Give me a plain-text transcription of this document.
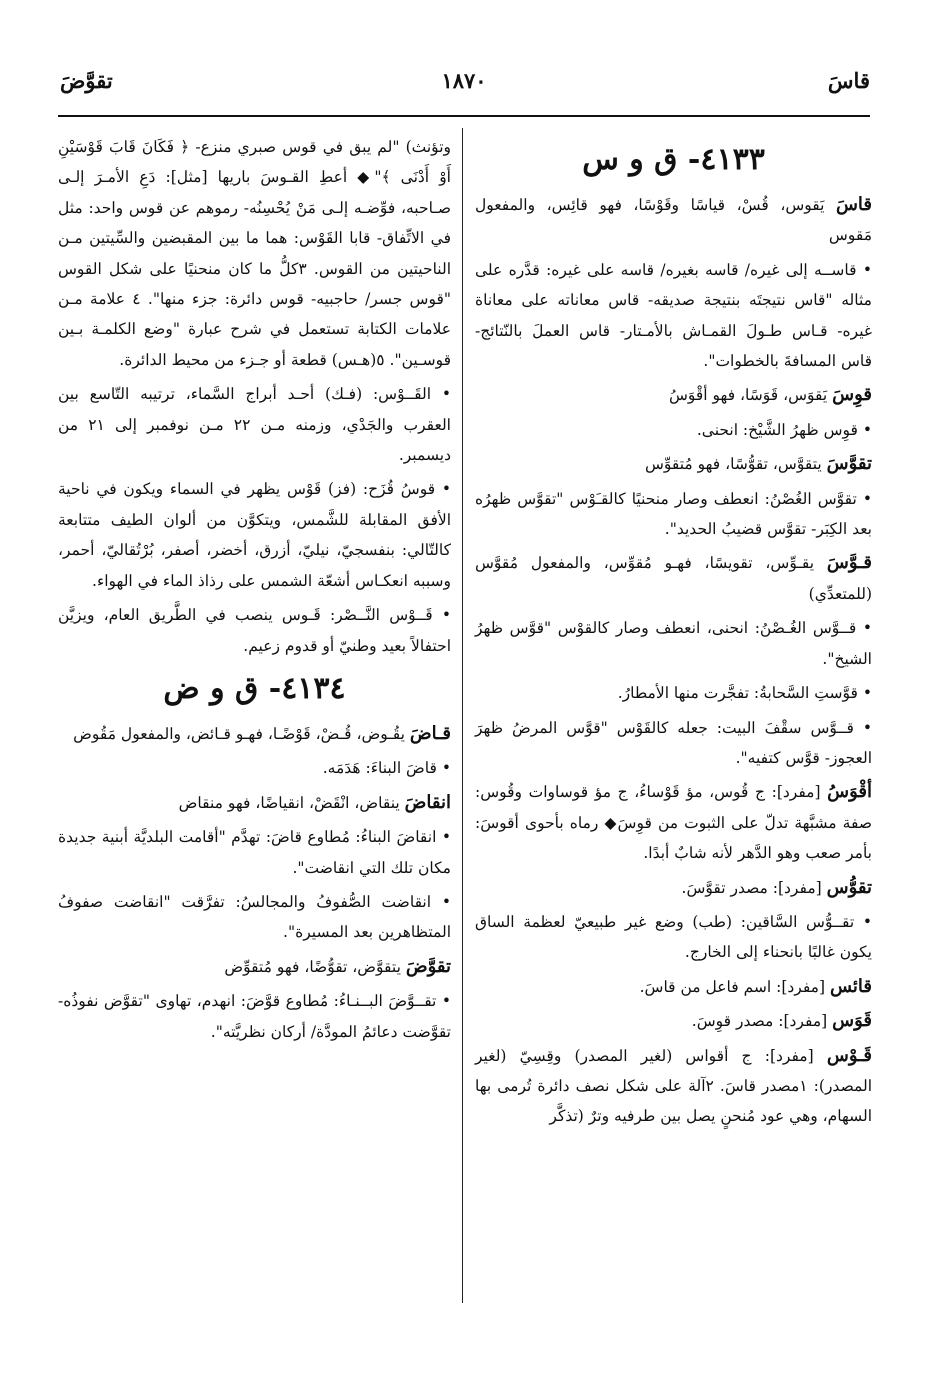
قاسَ
١٨٧٠
تقوَّضَ
٤١٣٣- ق و س

قاسَ يَقوس، قُسْ، قياسًا وقَوْسًا، فهو قائِس، والمفعول مَقوس

• قاســه إلى غيره/ قاسه بغيره/ قاسه على غيره: قدَّره على مثاله "قاس نتيجتَه بنتيجة صديقه- قاس معاناته على معاناة غيره- قـاس طـولَ القمـاش بالأمـتار- قاس العملَ بالنّتائج- قاس المسافةَ بالخطوات".

قوِسَ يَقوَس، قَوَسًا، فهو أقْوَسُ

• قوِس ظهرُ الشَّيْخ: انحنى.

تقوَّسَ يتقوَّس، تقوُّسًا، فهو مُتقوِّس

• تقوَّس الغُصْنُ: انعطف وصار منحنيًا كالقـَوْس "تقوَّس ظهرُه بعد الكِبَر- تقوَّس قضيبُ الحديد".

قـوَّسَ يقـوِّس، تقويسًا، فهـو مُقوِّس، والمفعول مُقوَّس (للمتعدِّي)

• قــوَّس الغُـصْنُ: انحنى، انعطف وصار كالقوْس "قوَّس ظهرُ الشيخ".

• قوَّستِ السَّحابةُ: تفجَّرت منها الأمطارُ.

• قــوَّس سقْفَ البيت: جعله كالقَوْس "قوَّس المرضُ ظهرَ العجوز- قوَّس كتفيه".

أقْوَسُ [مفرد]: ج قُوس، مؤ قَوْساءُ، ج مؤ قوساوات وقُوس: صفة مشبَّهة تدلّ على الثبوت من قوِسَ◆ رماه بأحوى أقوسَ: بأمر صعب وهو الدَّهر لأنه شابٌ أبدًا.

تقوُّس [مفرد]: مصدر تقوَّسَ.

• تقــوُّس السَّاقين: (طب) وضع غير طبيعيّ لعظمة الساق يكون غالبًا بانحناء إلى الخارج.

قائس [مفرد]: اسم فاعل من قاسَ.

قَوَس [مفرد]: مصدر قوِسَ.

قَـوْس [مفرد]: ج أقواس (لغير المصدر) وقِسِيّ (لغير المصدر): ١مصدر قاسَ. ٢آلة على شكل نصف دائرة تُرمى بها السهام، وهي عود مُنحنٍ يصل بين طرفيه وترٌ (تذكَّر

وتؤنث) "لم يبق في قوس صبري منزع- ﴿ فَكَانَ قَابَ قَوْسَيْنِ أَوْ أَدْنَى ﴾"◆ أعطِ القـوسَ باريها [مثل]: دَعِ الأمـرَ إلـى صـاحبه، فوِّضـه إلـى مَنْ يُحْسِنُه- رموهم عن قوس واحد: مثل في الاتِّفاق- قابا القَوْس: هما ما بين المقبضين والسِّيتين مـن الناحيتين من القوس. ٣كلُّ ما كان منحنيًا على شكل القوس "قوس جسر/ حاجبيه- قوس دائرة: جزء منها". ٤ علامة مـن علامات الكتابة تستعمل في شرح عبارة "وضع الكلمـة بـين قوسـين". ٥(هـس) قطعة أو جـزء من محيط الدائرة.

• القَــوْس: (فـك) أحـد أبراج السَّماء، ترتيبه التّاسع بين العقرب والجَدْي، وزمنه مـن ٢٢ مـن نوفمبر إلى ٢١ من ديسمبر.

• قوسُ قُزَح: (فز) قَوْس يظهر في السماء ويكون في ناحية الأفق المقابلة للشَّمس، ويتكوَّن من ألوان الطيف متتابعة كالتّالي: بنفسجيّ، نيليّ، أزرق، أخضر، أصفر، بُرْتُقاليّ، أحمر، وسببه انعكـاس أشعّة الشمس على رذاذ الماء في الهواء.

• قَــوْس النَّــصْر: قَـوس ينصب في الطَّريق العام، ويزيَّن احتفالاً بعيد وطنيّ أو قدوم زعيم.

٤١٣٤- ق و ض

قـاضَ يقُـوض، قُـضْ، قَوْضًـا، فهـو قـائض، والمفعول مَقُوض

• قاضَ البناءَ: هَدَمَه.

انقاضَ ينقاض، انْقَضْ، انقياضًا، فهو منقاض

• انقاضَ البناءُ: مُطاوع قاضَ: تهدَّم "أقامت البلديَّة أبنية جديدة مكان تلك التي انقاضت".

• انقاضت الصُّفوفُ والمجالسُ: تفرَّقت "انقاضت صفوفُ المتظاهرين بعد المسيرة".

تقوَّضَ يتقوَّض، تقوُّضًا، فهو مُتقوِّض

• تقــوَّضَ البــنـاءُ: مُطاوع قوَّضَ: انهدم، تهاوى "تقوَّض نفوذُه- تقوَّضت دعائمُ المودَّة/ أركان نظريَّته".
